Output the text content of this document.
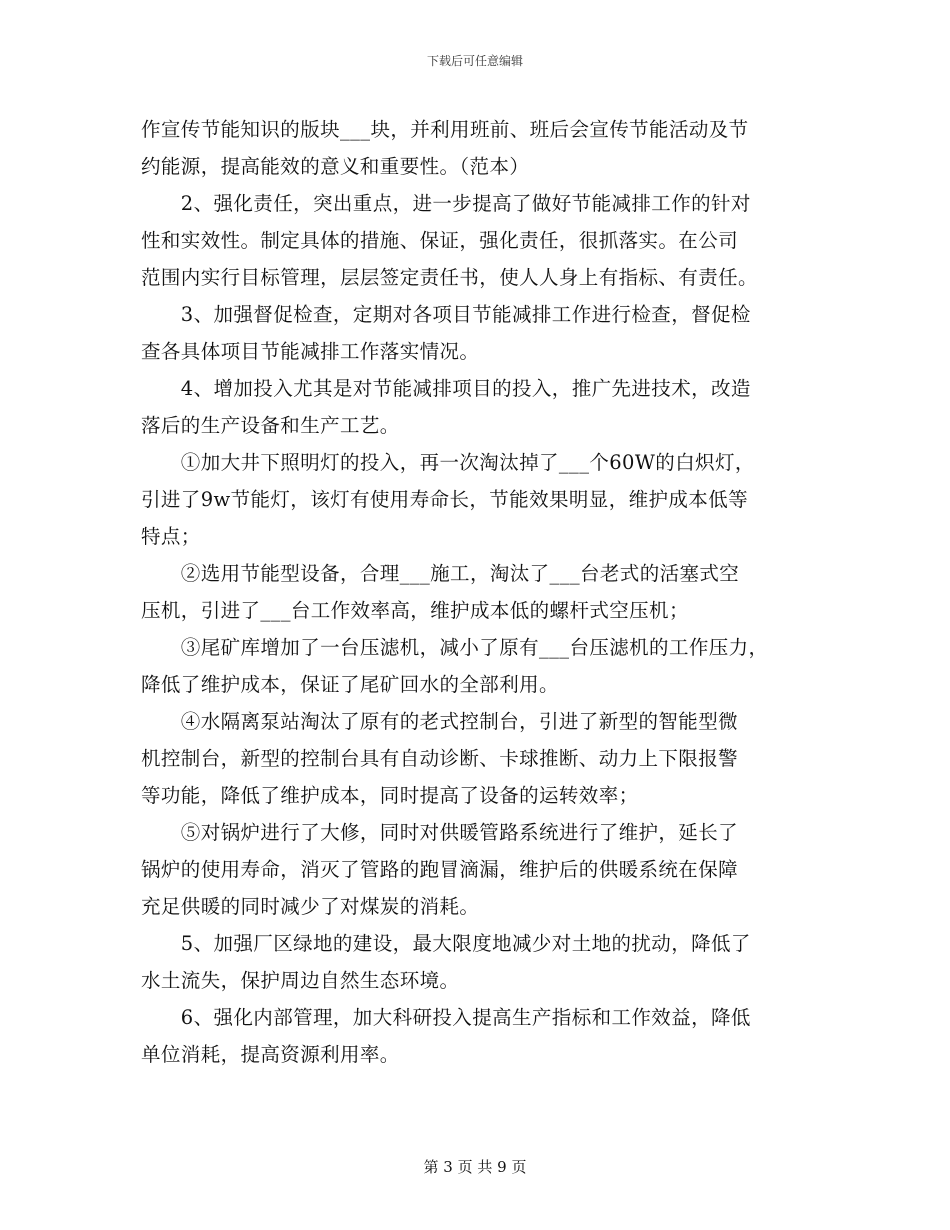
下载后可任意编辑
作宣传节能知识的版块___块，并利用班前、班后会宣传节能活动及节
约能源，提高能效的意义和重要性。（范本）
　　2、强化责任，突出重点，进一步提高了做好节能减排工作的针对
性和实效性。制定具体的措施、保证，强化责任，很抓落实。在公司
范围内实行目标管理，层层签定责任书，使人人身上有指标、有责任。
　　3、加强督促检查，定期对各项目节能减排工作进行检查，督促检
查各具体项目节能减排工作落实情况。
　　4、增加投入尤其是对节能减排项目的投入，推广先进技术，改造
落后的生产设备和生产工艺。
　　①加大井下照明灯的投入，再一次淘汰掉了___个60W的白炽灯，
引进了9w节能灯，该灯有使用寿命长，节能效果明显，维护成本低等
特点；
　　②选用节能型设备，合理___施工，淘汰了___台老式的活塞式空
压机，引进了___台工作效率高，维护成本低的螺杆式空压机；
　　③尾矿库增加了一台压滤机，减小了原有___台压滤机的工作压力，
降低了维护成本，保证了尾矿回水的全部利用。
　　④水隔离泵站淘汰了原有的老式控制台，引进了新型的智能型微
机控制台，新型的控制台具有自动诊断、卡球推断、动力上下限报警
等功能，降低了维护成本，同时提高了设备的运转效率；
　　⑤对锅炉进行了大修，同时对供暖管路系统进行了维护，延长了
锅炉的使用寿命，消灭了管路的跑冒滴漏，维护后的供暖系统在保障
充足供暖的同时减少了对煤炭的消耗。
　　5、加强厂区绿地的建设，最大限度地减少对土地的扰动，降低了
水土流失，保护周边自然生态环境。
　　6、强化内部管理，加大科研投入提高生产指标和工作效益，降低
单位消耗，提高资源利用率。
第 3 页 共 9 页
